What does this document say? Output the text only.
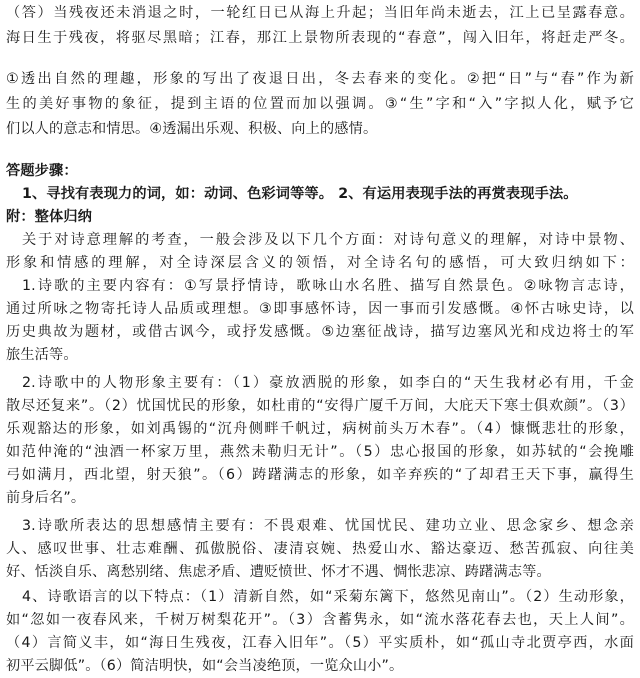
（答）当残夜还未消退之时，一轮红日已从海上升起；当旧年尚未逝去，江上已呈露春意。
海日生于残夜，将驱尽黑暗；江春，那江上景物所表现的“春意”，闯入旧年，将赶走严冬。
①透出自然的理趣，形象的写出了夜退日出，冬去春来的变化。②把“日”与“春”作为新
生的美好事物的象征，提到主语的位置而加以强调。③“生”字和“入”字拟人化，赋予它
们以人的意志和情思。④透漏出乐观、积极、向上的感情。
答题步骤：
1、寻找有表现力的词，如：动词、色彩词等等。 2、有运用表现手法的再赏表现手法。
附：整体归纳
关于对诗意理解的考查，一般会涉及以下几个方面：对诗句意义的理解，对诗中景物、
形象和情感的理解，对全诗深层含义的领悟，对全诗名句的感悟，可大致归纳如下：
1.诗歌的主要内容有：①写景抒情诗，歌咏山水名胜、描写自然景色。②咏物言志诗，
通过所咏之物寄托诗人品质或理想。③即事感怀诗，因一事而引发感慨。④怀古咏史诗，以
历史典故为题材，或借古讽今，或抒发感慨。⑤边塞征战诗，描写边塞风光和戍边将士的军
旅生活等。
2.诗歌中的人物形象主要有：（1）豪放洒脱的形象，如李白的“天生我材必有用，千金
散尽还复来”。（2）忧国忧民的形象，如杜甫的“安得广厦千万间，大庇天下寒士俱欢颜”。（3）
乐观豁达的形象，如刘禹锡的“沉舟侧畔千帆过，病树前头万木春”。（4）慷慨悲壮的形象，
如范仲淹的“浊酒一杯家万里，燕然未勒归无计”。（5）忠心报国的形象，如苏轼的“会挽雕
弓如满月，西北望，射天狼”。（6）踌躇满志的形象，如辛弃疾的“了却君王天下事，赢得生
前身后名”。
3.诗歌所表达的思想感情主要有：不畏艰难、忧国忧民、建功立业、思念家乡、想念亲
人、感叹世事、壮志难酬、孤傲脱俗、凄清哀婉、热爱山水、豁达豪迈、愁苦孤寂、向往美
好、恬淡自乐、离愁别绪、焦虑矛盾、遭贬愤世、怀才不遇、惆怅悲凉、踌躇满志等。
4、诗歌语言的以下特点：（1）清新自然，如“采菊东篱下，悠然见南山”。（2）生动形象，
如“忽如一夜春风来，千树万树梨花开”。（3）含蓄隽永，如“流水落花春去也，天上人间”。
（4）言简义丰，如“海日生残夜，江春入旧年”。（5）平实质朴，如“孤山寺北贾亭西，水面
初平云脚低”。（6）简洁明快，如“会当凌绝顶，一览众山小”。
